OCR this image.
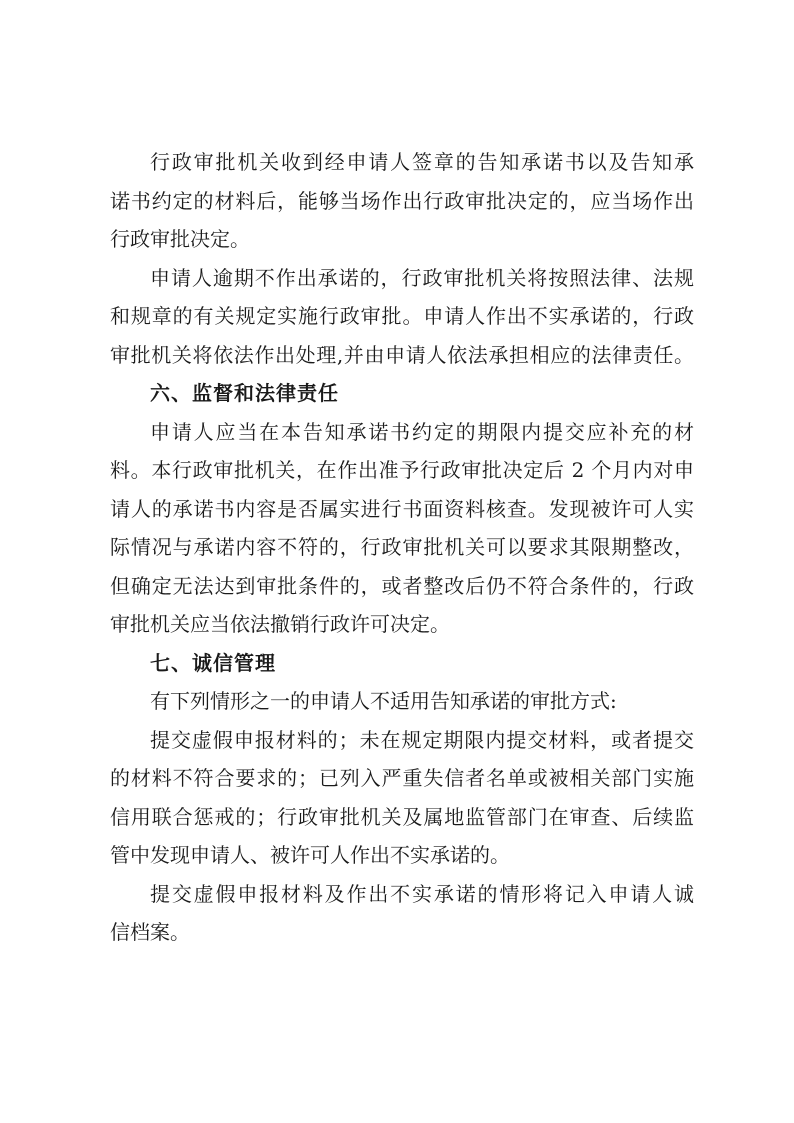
行政审批机关收到经申请人签章的告知承诺书以及告知承
诺书约定的材料后，能够当场作出行政审批决定的，应当场作出
行政审批决定。
申请人逾期不作出承诺的，行政审批机关将按照法律、法规
和规章的有关规定实施行政审批。申请人作出不实承诺的，行政
审批机关将依法作出处理,并由申请人依法承担相应的法律责任。
六、监督和法律责任
申请人应当在本告知承诺书约定的期限内提交应补充的材
料。本行政审批机关，在作出准予行政审批决定后 2 个月内对申
请人的承诺书内容是否属实进行书面资料核查。发现被许可人实
际情况与承诺内容不符的，行政审批机关可以要求其限期整改，
但确定无法达到审批条件的，或者整改后仍不符合条件的，行政
审批机关应当依法撤销行政许可决定。
七、诚信管理
有下列情形之一的申请人不适用告知承诺的审批方式:
提交虚假申报材料的；未在规定期限内提交材料，或者提交
的材料不符合要求的；已列入严重失信者名单或被相关部门实施
信用联合惩戒的；行政审批机关及属地监管部门在审查、后续监
管中发现申请人、被许可人作出不实承诺的。
提交虚假申报材料及作出不实承诺的情形将记入申请人诚
信档案。
